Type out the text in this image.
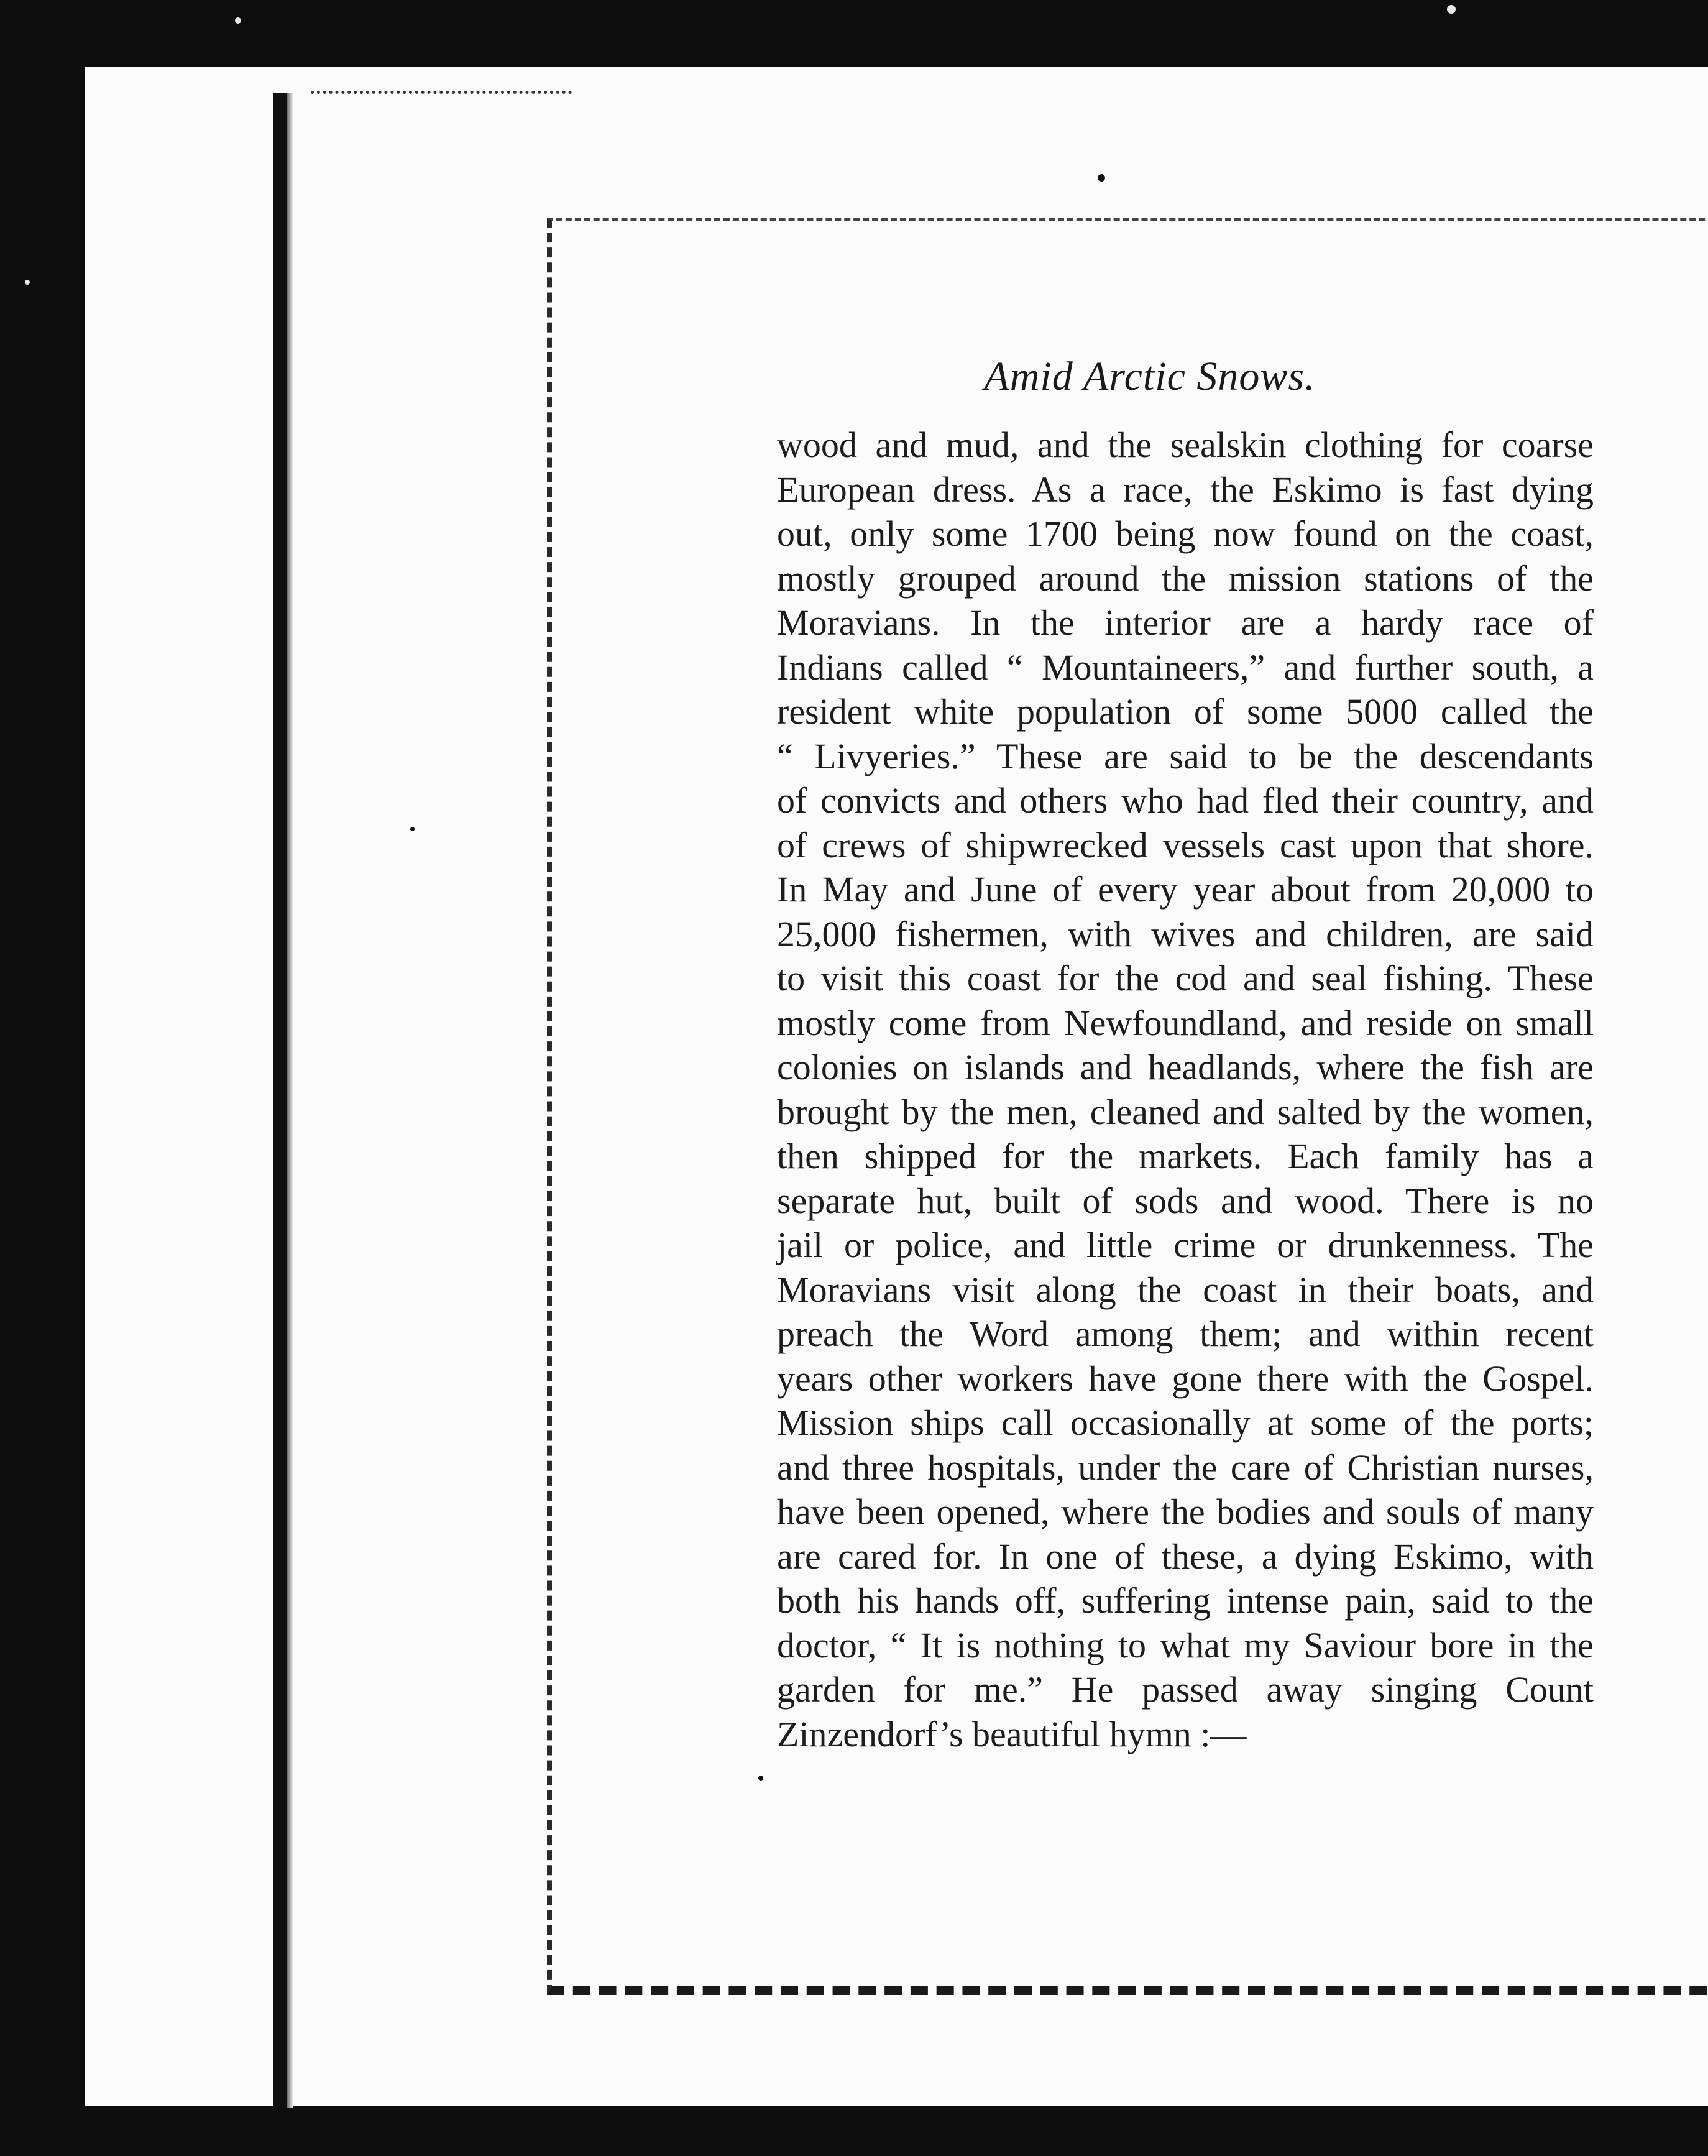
Amid Arctic Snows.

wood and mud, and the sealskin clothing for coarse
European dress. As a race, the Eskimo is fast dying
out, only some 1700 being now found on the coast,
mostly grouped around the mission stations of the
Moravians. In the interior are a hardy race of
Indians called “ Mountaineers,” and further south, a
resident white population of some 5000 called the
“ Livyeries.” These are said to be the descendants
of convicts and others who had fled their country, and
of crews of shipwrecked vessels cast upon that shore.
In May and June of every year about from 20,000 to
25,000 fishermen, with wives and children, are said
to visit this coast for the cod and seal fishing. These
mostly come from Newfoundland, and reside on small
colonies on islands and headlands, where the fish are
brought by the men, cleaned and salted by the women,
then shipped for the markets. Each family has a
separate hut, built of sods and wood. There is no
jail or police, and little crime or drunkenness. The
Moravians visit along the coast in their boats, and
preach the Word among them; and within recent
years other workers have gone there with the Gospel.
Mission ships call occasionally at some of the ports;
and three hospitals, under the care of Christian nurses,
have been opened, where the bodies and souls of many
are cared for. In one of these, a dying Eskimo, with
both his hands off, suffering intense pain, said to the
doctor, “ It is nothing to what my Saviour bore in the
garden for me.” He passed away singing Count
Zinzendorf’s beautiful hymn :—
